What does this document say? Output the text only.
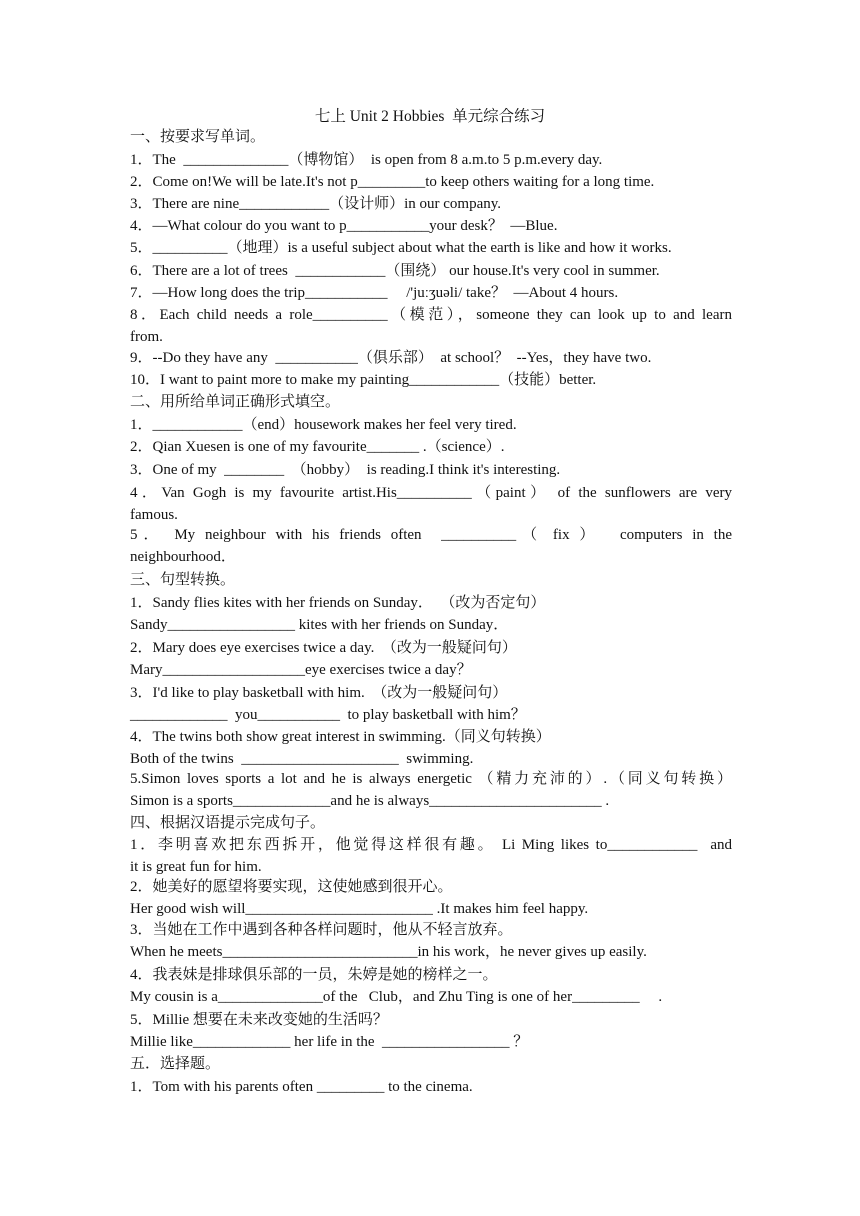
七上 Unit 2 Hobbies  单元综合练习
一、按要求写单词。
1．The  ______________（博物馆）  is open from 8 a.m.to 5 p.m.every day.
2．Come on!We will be late.It's not p_________to keep others waiting for a long time.
3．There are nine____________（设计师）in our company.
4．—What colour do you want to p___________your desk？  —Blue.
5．__________（地理）is a useful subject about what the earth is like and how it works.
6．There are a lot of trees  ____________（围绕） our house.It's very cool in summer.
7．—How long does the trip___________     /'juːʒuəli/ take？  —About 4 hours.
8．Each child needs a role__________（模范），someone they can look up to and learn
from.
9．--Do they have any  ___________（俱乐部）  at school？  --Yes，they have two.
10．I want to paint more to make my painting____________（技能）better.
二、用所给单词正确形式填空。
1．____________（end）housework makes her feel very tired.
2．Qian Xuesen is one of my favourite_______ .（science）.
3．One of my  ________  （hobby）  is reading.I think it's interesting.
4．Van Gogh is my favourite artist.His__________（paint） of the sunflowers are very
famous.
5． My neighbour with his friends often  __________（ fix ）  computers in the
neighbourhood．
三、句型转换。
1．Sandy flies kites with her friends on Sunday．  （改为否定句）
Sandy_________________ kites with her friends on Sunday．
2．Mary does eye exercises twice a day.  （改为一般疑问句）
Mary___________________eye exercises twice a day？
3．I'd like to play basketball with him.  （改为一般疑问句）
_____________  you___________  to play basketball with him？
4．The twins both show great interest in swimming.（同义句转换）
Both of the twins  _____________________  swimming.
5.Simon loves sports a lot and he is always energetic （精力充沛的）.（同义句转换）
Simon is a sports_____________and he is always_______________________ .
四、根据汉语提示完成句子。
1．李明喜欢把东西拆开，他觉得这样很有趣。 Li Ming likes to____________  and
it is great fun for him.
2．她美好的愿望将要实现，这使她感到很开心。
Her good wish will_________________________ .It makes him feel happy.
3．当她在工作中遇到各种各样问题时，他从不轻言放弃。
When he meets__________________________in his work，he never gives up easily.
4．我表妹是排球俱乐部的一员，朱婷是她的榜样之一。
My cousin is a______________of the   Club，and Zhu Ting is one of her_________     .
5．Millie 想要在未来改变她的生活吗？
Millie like_____________ her life in the  _________________ ？
五．选择题。
1．Tom with his parents often _________ to the cinema.
